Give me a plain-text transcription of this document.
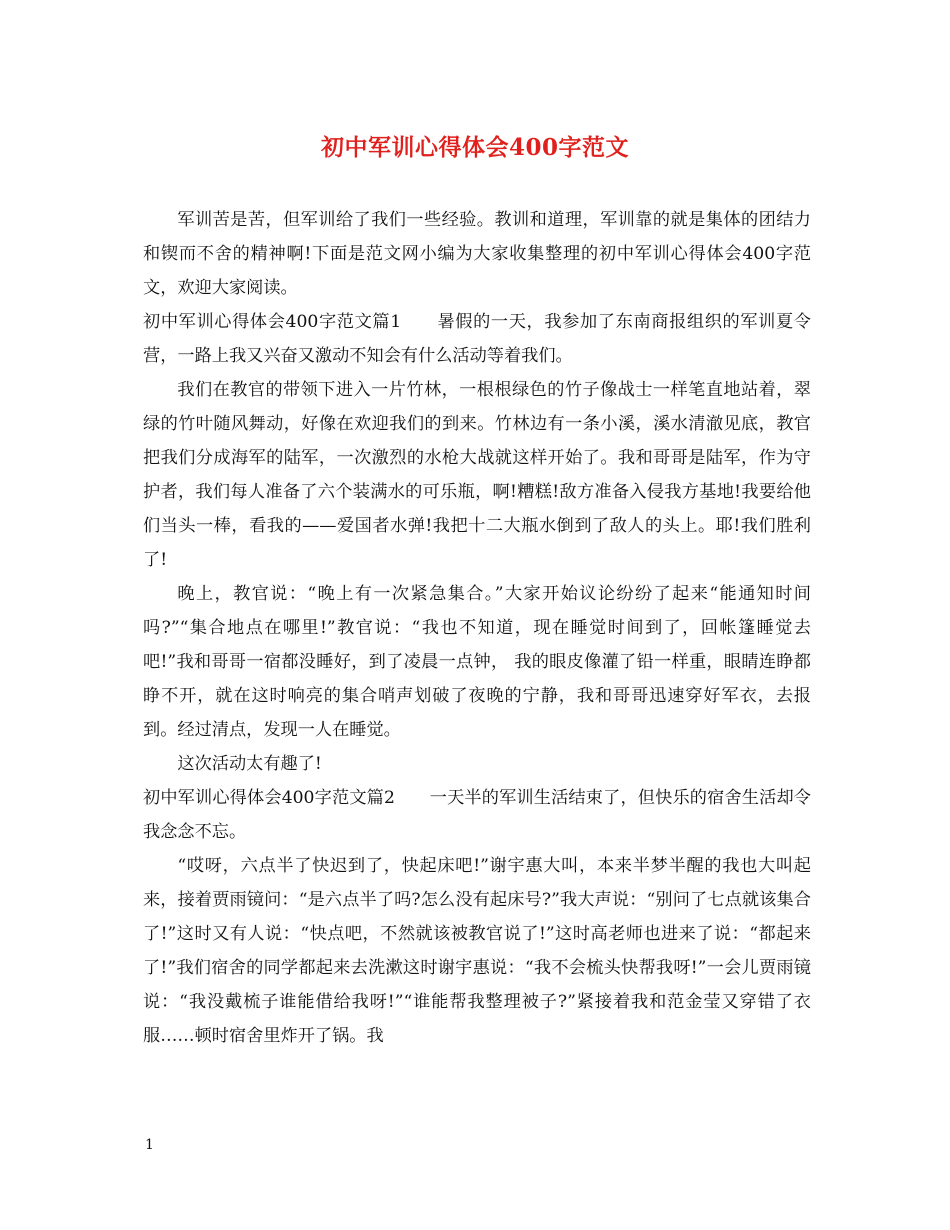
初中军训心得体会400字范文

军训苦是苦，但军训给了我们一些经验。教训和道理，军训靠的就是集体的团结力和锲而不舍的精神啊!下面是范文网小编为大家收集整理的初中军训心得体会400字范文，欢迎大家阅读。

初中军训心得体会400字范文篇1　　暑假的一天，我参加了东南商报组织的军训夏令营，一路上我又兴奋又激动不知会有什么活动等着我们。

我们在教官的带领下进入一片竹林，一根根绿色的竹子像战士一样笔直地站着，翠绿的竹叶随风舞动，好像在欢迎我们的到来。竹林边有一条小溪，溪水清澈见底，教官把我们分成海军的陆军，一次激烈的水枪大战就这样开始了。我和哥哥是陆军，作为守护者，我们每人准备了六个装满水的可乐瓶，啊!糟糕!敌方准备入侵我方基地!我要给他们当头一棒，看我的——爱国者水弹!我把十二大瓶水倒到了敌人的头上。耶!我们胜利了!

晚上，教官说：“晚上有一次紧急集合。”大家开始议论纷纷了起来“能通知时间吗?”“集合地点在哪里!”教官说：“我也不知道，现在睡觉时间到了，回帐篷睡觉去吧!”我和哥哥一宿都没睡好，到了凌晨一点钟， 我的眼皮像灌了铅一样重，眼睛连睁都睁不开，就在这时响亮的集合哨声划破了夜晚的宁静，我和哥哥迅速穿好军衣，去报到。经过清点，发现一人在睡觉。

这次活动太有趣了!

初中军训心得体会400字范文篇2　　一天半的军训生活结束了，但快乐的宿舍生活却令我念念不忘。

“哎呀，六点半了快迟到了，快起床吧!”谢宇惠大叫，本来半梦半醒的我也大叫起来，接着贾雨镜问：“是六点半了吗?怎么没有起床号?”我大声说：“别问了七点就该集合了!”这时又有人说：“快点吧，不然就该被教官说了!”这时高老师也进来了说：“都起来了!”我们宿舍的同学都起来去洗漱这时谢宇惠说：“我不会梳头快帮我呀!”一会儿贾雨镜说：“我没戴梳子谁能借给我呀!”“谁能帮我整理被子?”紧接着我和范金莹又穿错了衣服……顿时宿舍里炸开了锅。我

1
